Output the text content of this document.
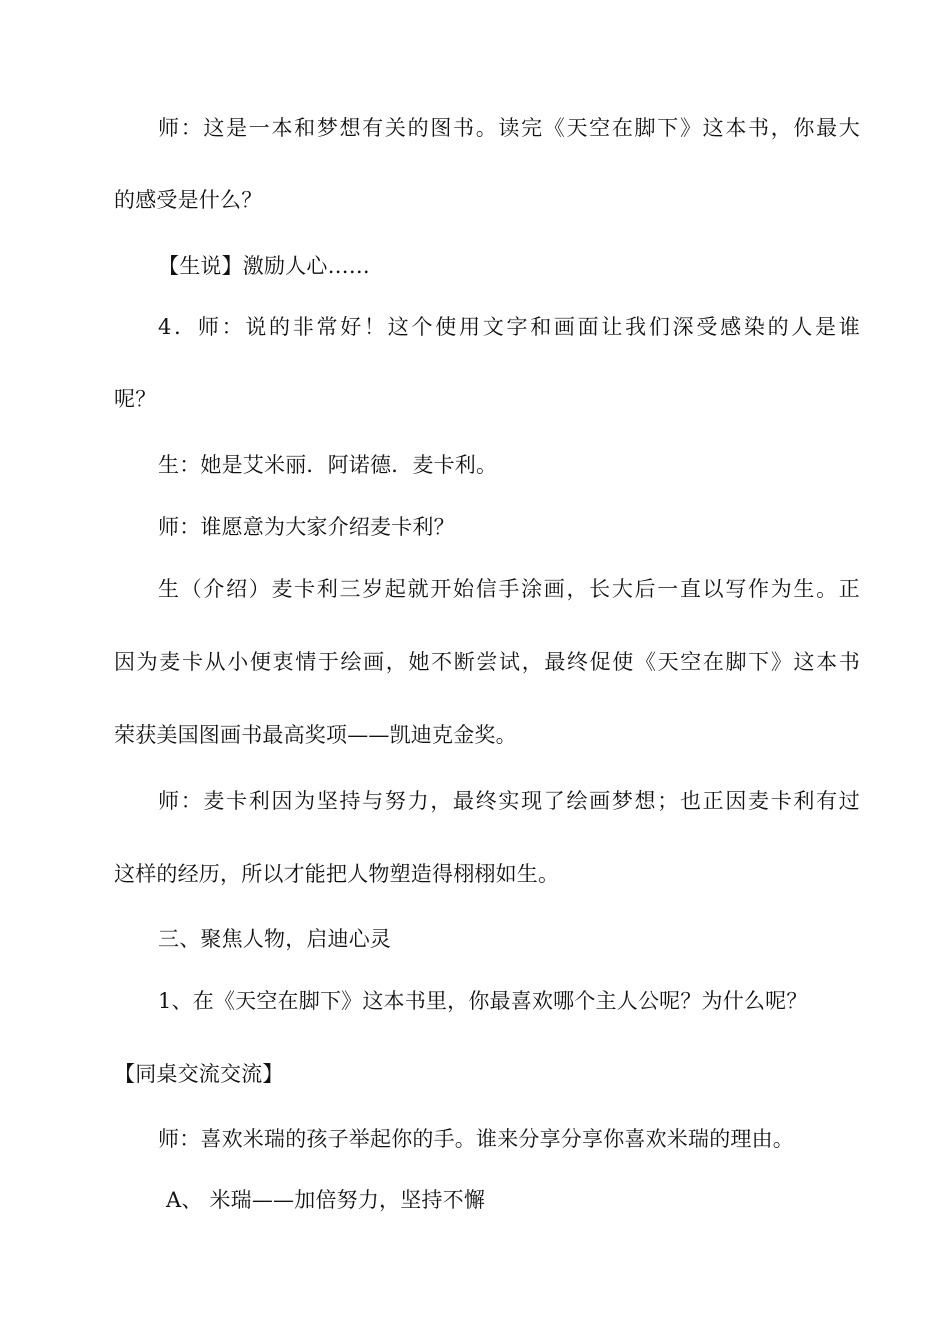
师：这是一本和梦想有关的图书。读完《天空在脚下》这本书，你最大
的感受是什么？
【生说】激励人心……
4．师：说的非常好！这个使用文字和画面让我们深受感染的人是谁
呢？
生：她是艾米丽．阿诺德．麦卡利。
师：谁愿意为大家介绍麦卡利？
生（介绍）麦卡利三岁起就开始信手涂画，长大后一直以写作为生。正
因为麦卡从小便衷情于绘画，她不断尝试，最终促使《天空在脚下》这本书
荣获美国图画书最高奖项——凯迪克金奖。
师：麦卡利因为坚持与努力，最终实现了绘画梦想；也正因麦卡利有过
这样的经历，所以才能把人物塑造得栩栩如生。
三、聚焦人物，启迪心灵
1、在《天空在脚下》这本书里，你最喜欢哪个主人公呢？为什么呢？
【同桌交流交流】
师：喜欢米瑞的孩子举起你的手。谁来分享分享你喜欢米瑞的理由。
A、 米瑞——加倍努力，坚持不懈
